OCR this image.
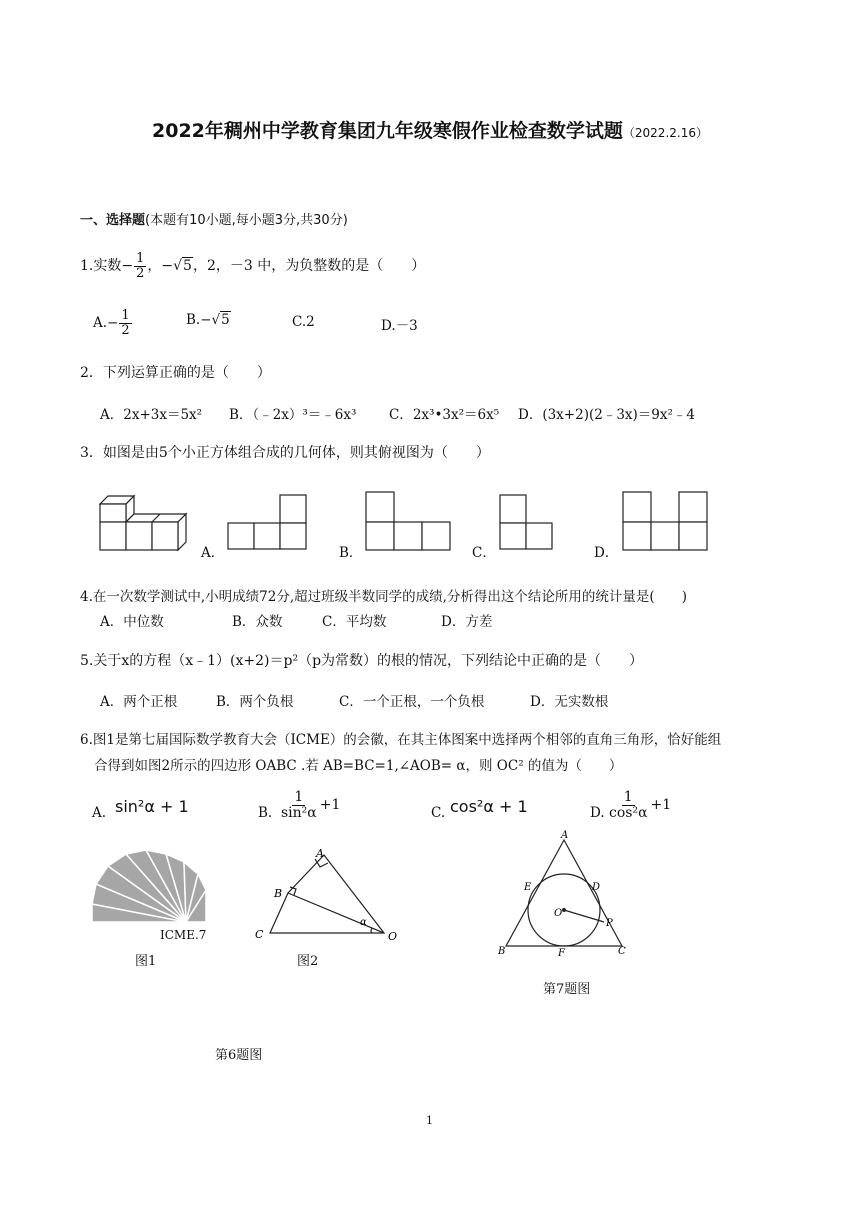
2022年稠州中学教育集团九年级寒假作业检查数学试题（2022.2.16）
一、选择题(本题有10小题,每小题3分,共30分)
1.实数− $\frac{1}{2}$ ，−√5，2，－3 中，为负整数的是（　　）
$A.- \frac{1}{2}$	B.−√5	C.2	D.－3
2．下列运算正确的是（　　）
A．2x+3x＝5x² B．（﹣2x）³＝﹣6x³ C．2x³•3x²＝6x⁵ D．(3x+2)(2﹣3x)＝9x²﹣4
3．如图是由5个小正方体组合成的几何体，则其俯视图为（　　）
A．	B．	C．	D．
4.在一次数学测试中,小明成绩72分,超过班级半数同学的成绩,分析得出这个结论所用的统计量是(　　)
A．中位数	B．众数	C．平均数	D．方差
5.关于x的方程（x﹣1）(x+2)＝p²（p为常数）的根的情况，下列结论中正确的是（　　）
A．两个正根	B．两个负根	C．一个正根，一个负根	D．无实数根
6.图1是第七届国际数学教育大会（ICME）的会徽，在其主体图案中选择两个相邻的直角三角形，恰好能组
合得到如图2所示的四边形 OABC .若 AB=BC=1,∠AOB= α，则 OC² 的值为（　　）
A. sin²α + 1	B. $\frac{1}{\text{sin²α}} +1$	C. cos²α + 1	D. $\frac{1}{\text{cos²α}} +1$
ICME.7
图1
A
B
C	O
α
图2
A
B	C
D
E
F
O
P
第7题图
第6题图
1
